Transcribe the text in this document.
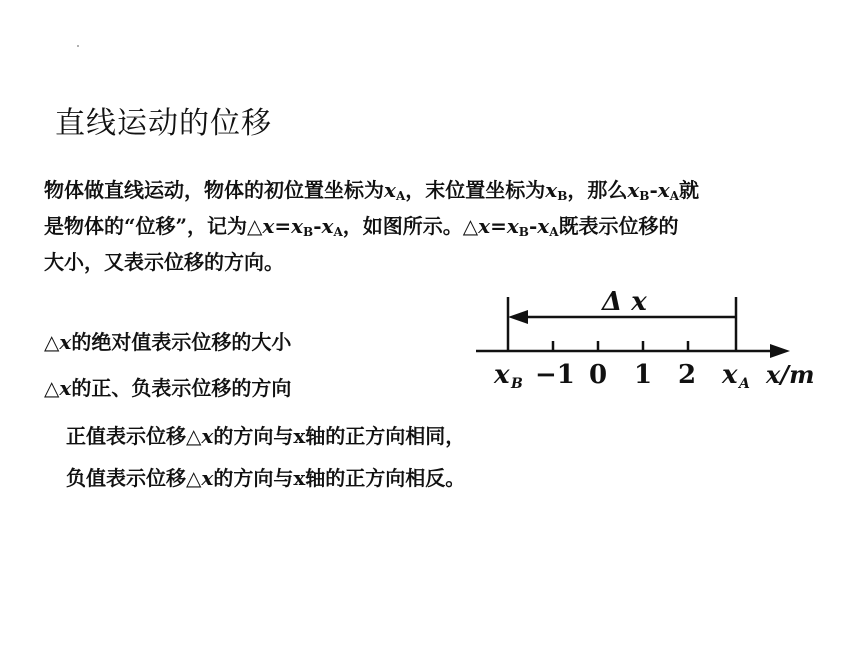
直线运动的位移
物体做直线运动，物体的初位置坐标为$x_A$，末位置坐标为$x_B$，那么$x_B-x_A$就
是物体的“位移”，记为$\triangle x=x_B-x_A$，如图所示。$\triangle x=x_B-x_A$既表示位移的
大小，又表示位移的方向。
△x的绝对值表示位移的大小
△x的正、负表示位移的方向
正值表示位移△x的方向与x轴的正方向相同，
负值表示位移△x的方向与x轴的正方向相反。
Δ x
x B −1 0 1 2 x A x/m
